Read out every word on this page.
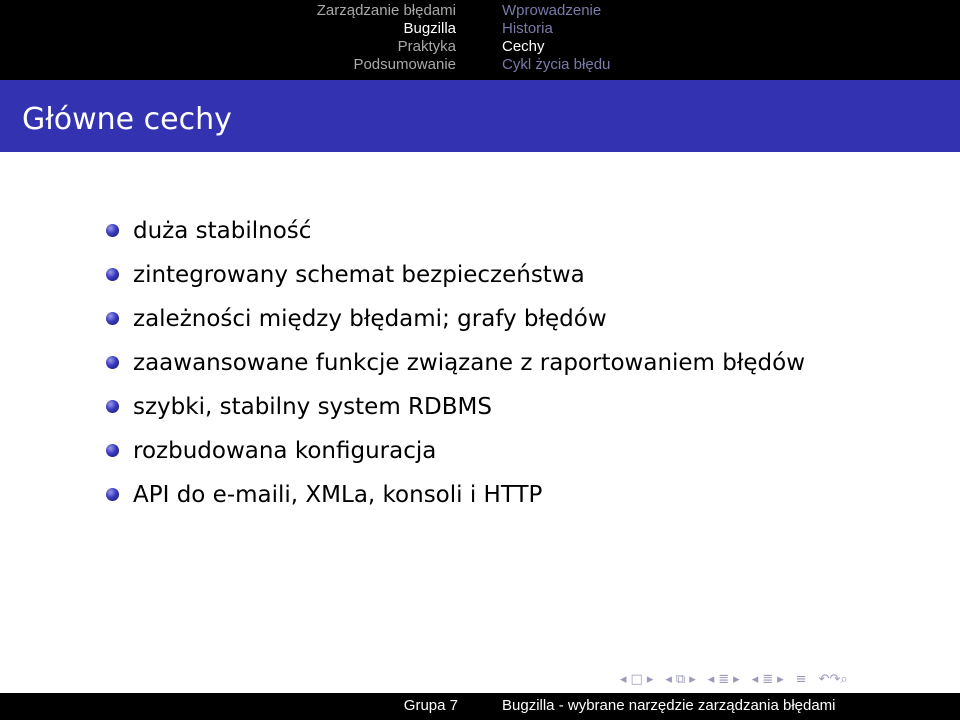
Zarządzanie błędami
Bugzilla
Praktyka
Podsumowanie
Wprowadzenie
Historia
Cechy
Cykl życia błędu
Główne cechy
duża stabilność
zintegrowany schemat bezpieczeństwa
zależności między błędami; grafy błędów
zaawansowane funkcje związane z raportowaniem błędów
szybki, stabilny system RDBMS
rozbudowana konfiguracja
API do e-maili, XMLa, konsoli i HTTP
◂ □ ▸ ◂ ⧉ ▸ ◂ ≣ ▸ ◂ ≣ ▸ ≡ ↶↷⌕
Grupa 7	Bugzilla - wybrane narzędzie zarządzania błędami
